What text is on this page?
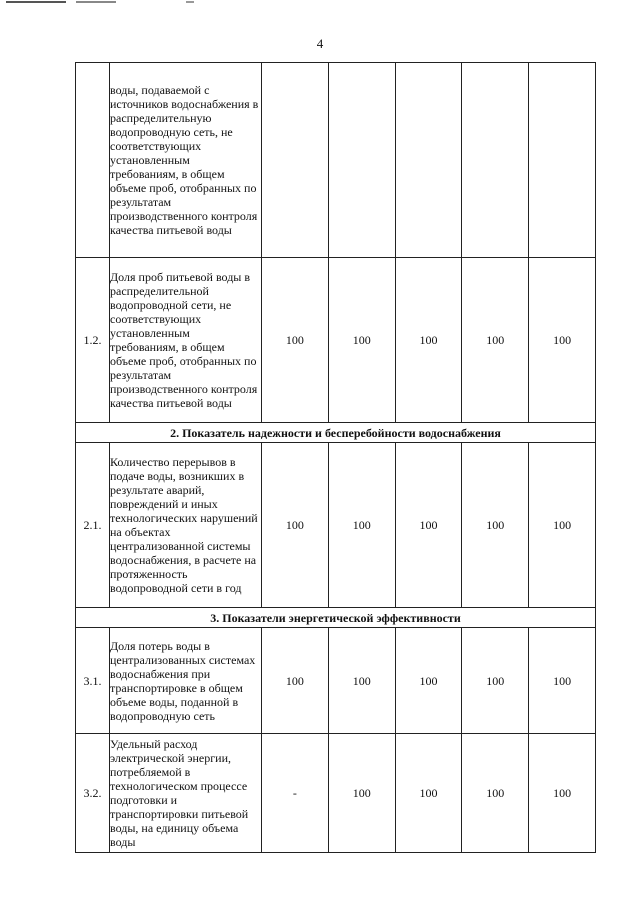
4
	воды, подаваемой с источников водоснабжения в распределительную водопроводную сеть, не соответствующих установленным требованиям, в общем объеме проб, отобранных по результатам производственного контроля качества питьевой воды					
1.2.	Доля проб питьевой воды в распределительной водопроводной сети, не соответствующих установленным требованиям, в общем объеме проб, отобранных по результатам производственного контроля качества питьевой воды	100	100	100	100	100
2. Показатель надежности и бесперебойности водоснабжения						
2.1.	Количество перерывов в подаче воды, возникших в результате аварий, повреждений и иных технологических нарушений на объектах централизованной системы водоснабжения, в расчете на протяженность водопроводной сети в год	100	100	100	100	100
3. Показатели энергетической эффективности						
3.1.	Доля потерь воды в централизованных системах водоснабжения при транспортировке в общем объеме воды, поданной в водопроводную сеть	100	100	100	100	100
3.2.	Удельный расход электрической энергии, потребляемой в технологическом процессе подготовки и транспортировки питьевой воды, на единицу объема воды	-	100	100	100	100
